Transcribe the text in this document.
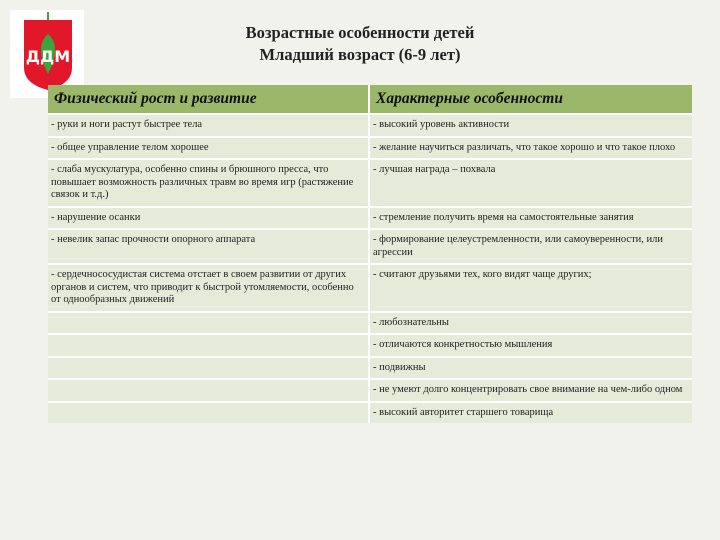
ДДМ
Возрастные особенности детей
Младший возраст (6-9 лет)
Физический рост и развитие	Характерные особенности
- руки и ноги растут быстрее тела	- высокий уровень активности
- общее управление телом хорошее	- желание научиться различать, что такое хорошо и что такое плохо
- слаба мускулатура, особенно спины и брюшного пресса, что повышает возможность различных травм во время игр (растяжение связок и т.д.)	- лучшая награда – похвала
- нарушение осанки	- стремление получить время на самостоятельные занятия
- невелик запас прочности опорного аппарата	- формирование целеустремленности, или самоуверенности, или агрессии
- сердечнососудистая система отстает в своем развитии от других органов и систем, что приводит к быстрой утомляемости, особенно от однообразных движений	- считают друзьями тех, кого видят чаще других;
	- любознательны
	- отличаются конкретностью мышления
	- подвижны
	- не умеют долго концентрировать свое внимание на чем-либо одном
	- высокий авторитет старшего товарища
